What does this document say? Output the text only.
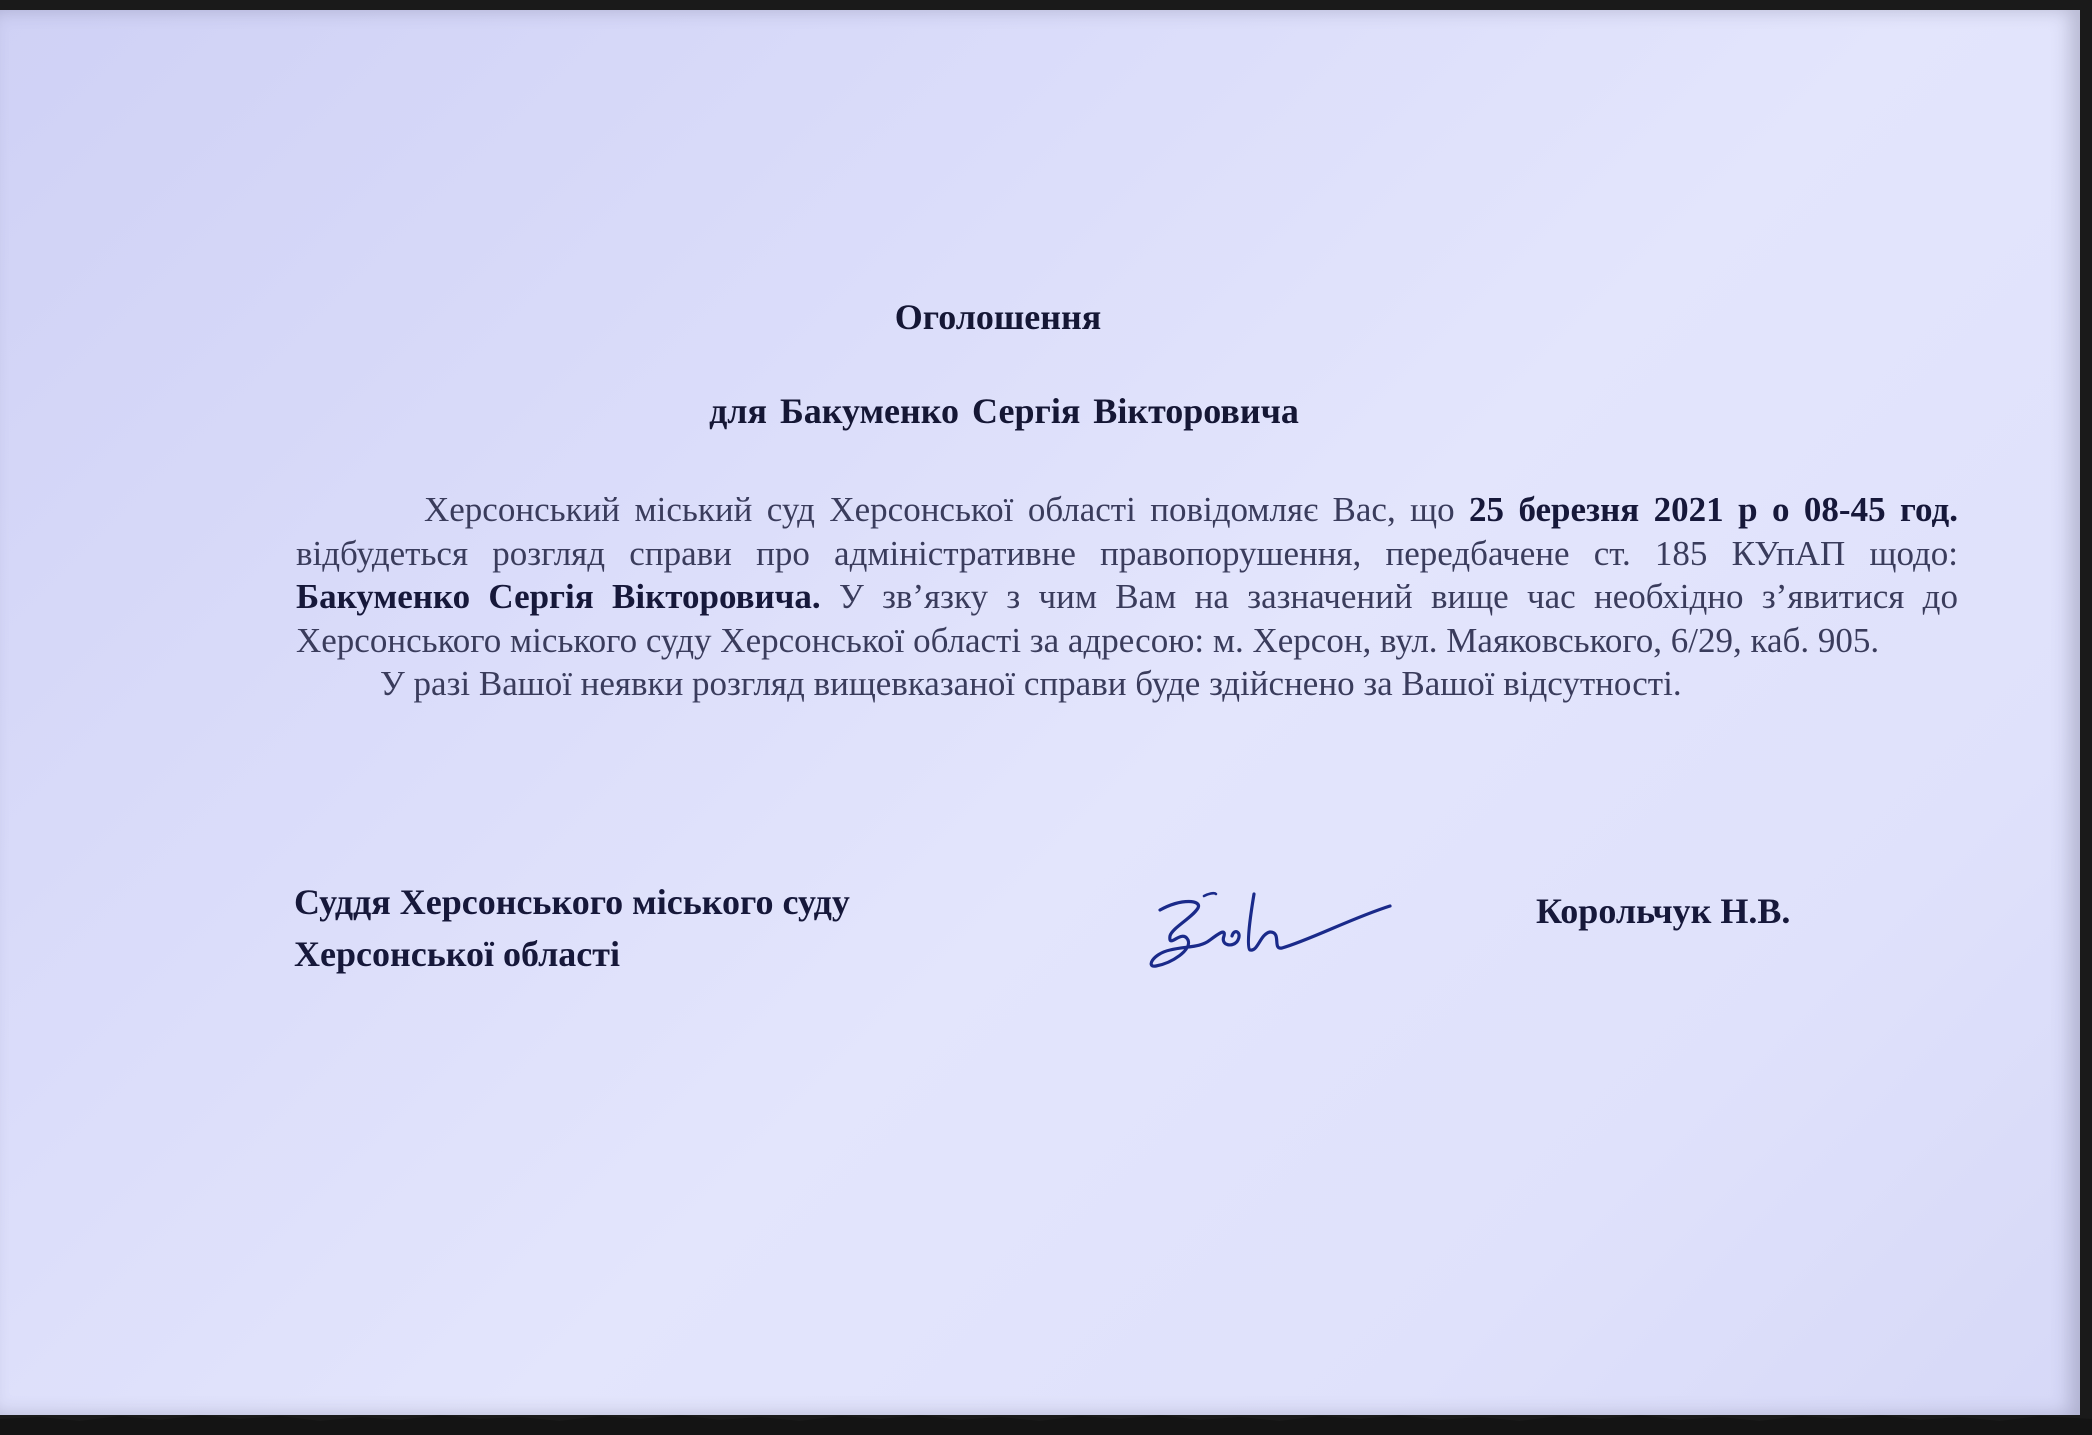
Оголошення
для Бакуменко Сергія Вікторовича

Херсонський міський суд Херсонської області повідомляє Вас, що 25 березня 2021 р о 08-45 год. відбудеться розгляд справи про адміністративне правопорушення, передбачене ст. 185 КУпАП щодо: Бакуменко Сергія Вікторовича. У зв’язку з чим Вам на зазначений вище час необхідно з’явитися до Херсонського міського суду Херсонської області за адресою: м. Херсон, вул. Маяковського, 6/29, каб. 905.

У разі Вашої неявки розгляд вищевказаної справи буде здійснено за Вашої відсутності.

Суддя Херсонського міського суду
Херсонської області
Корольчук Н.В.
